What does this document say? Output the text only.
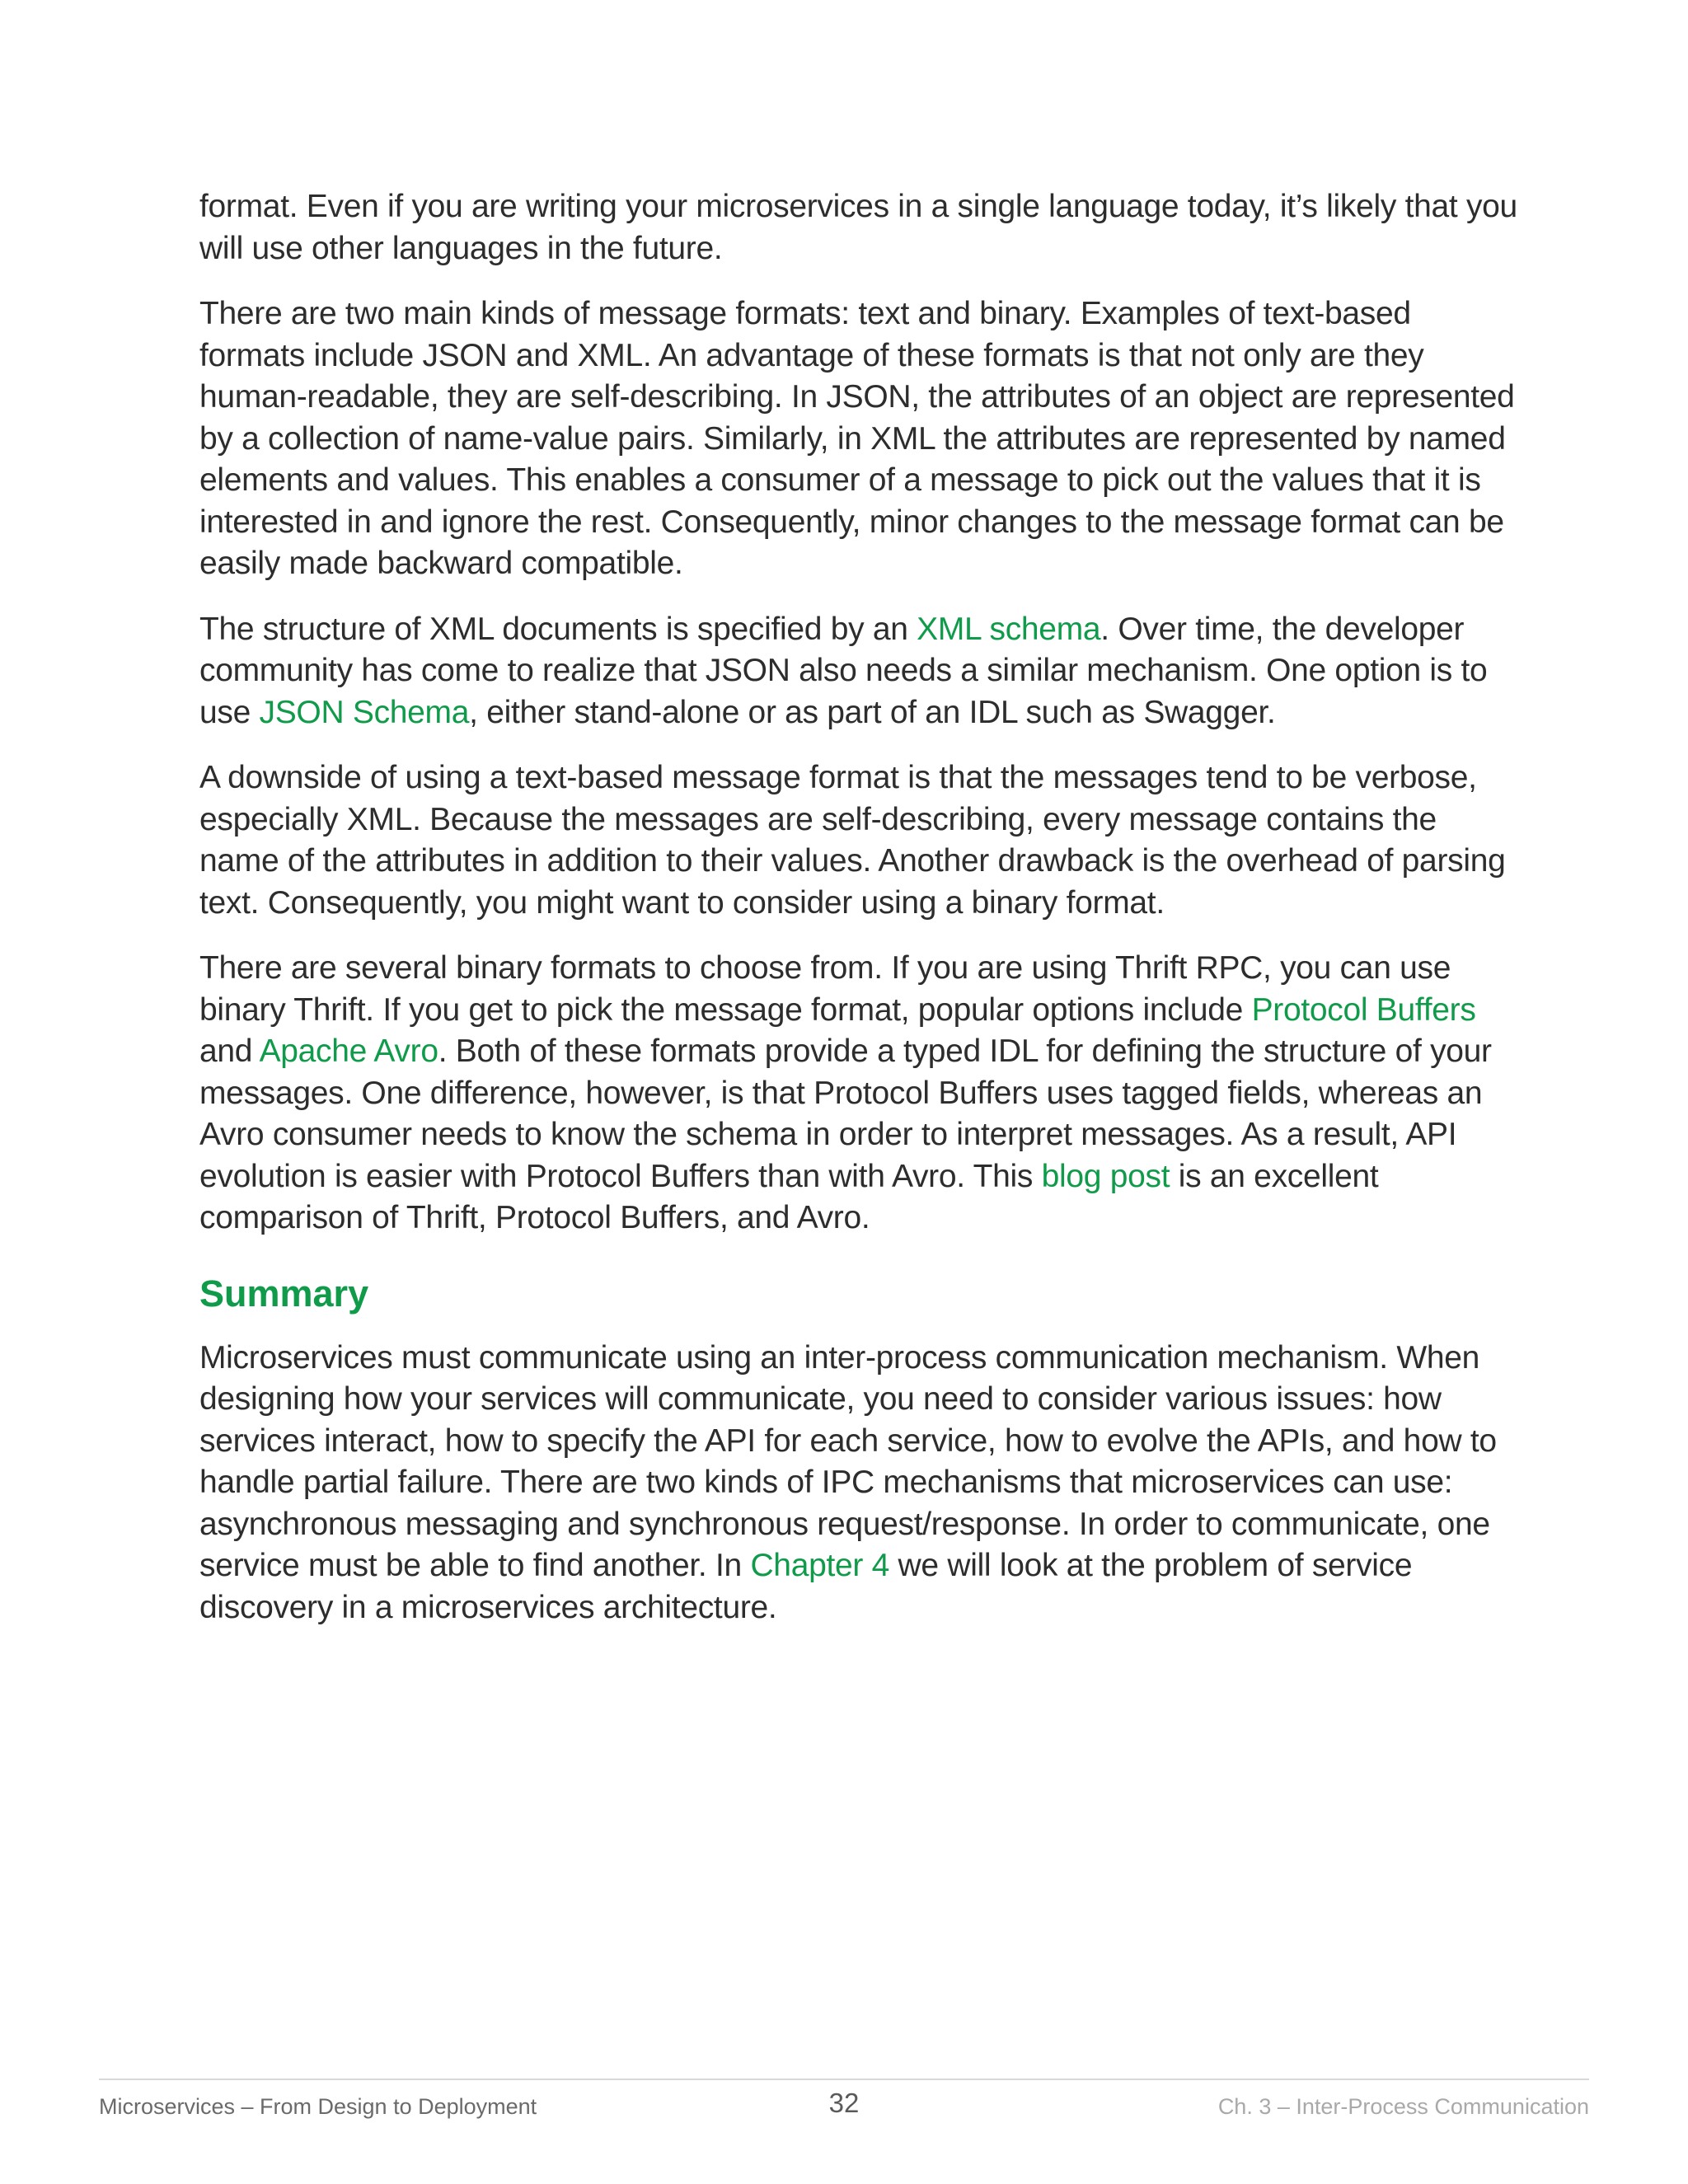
format. Even if you are writing your microservices in a single language today, it’s likely that you will use other languages in the future.

There are two main kinds of message formats: text and binary. Examples of text-based formats include JSON and XML. An advantage of these formats is that not only are they human-readable, they are self-describing. In JSON, the attributes of an object are represented by a collection of name-value pairs. Similarly, in XML the attributes are represented by named elements and values. This enables a consumer of a message to pick out the values that it is interested in and ignore the rest. Consequently, minor changes to the message format can be easily made backward compatible.

The structure of XML documents is specified by an XML schema. Over time, the developer community has come to realize that JSON also needs a similar mechanism. One option is to use JSON Schema, either stand-alone or as part of an IDL such as Swagger.

A downside of using a text-based message format is that the messages tend to be verbose, especially XML. Because the messages are self-describing, every message contains the name of the attributes in addition to their values. Another drawback is the overhead of parsing text. Consequently, you might want to consider using a binary format.

There are several binary formats to choose from. If you are using Thrift RPC, you can use binary Thrift. If you get to pick the message format, popular options include Protocol Buffers and Apache Avro. Both of these formats provide a typed IDL for defining the structure of your messages. One difference, however, is that Protocol Buffers uses tagged fields, whereas an Avro consumer needs to know the schema in order to interpret messages. As a result, API evolution is easier with Protocol Buffers than with Avro. This blog post is an excellent comparison of Thrift, Protocol Buffers, and Avro.

Summary

Microservices must communicate using an inter-process communication mechanism. When designing how your services will communicate, you need to consider various issues: how services interact, how to specify the API for each service, how to evolve the APIs, and how to handle partial failure. There are two kinds of IPC mechanisms that microservices can use: asynchronous messaging and synchronous request/response. In order to communicate, one service must be able to find another. In Chapter 4 we will look at the problem of service discovery in a microservices architecture.

Microservices – From Design to Deployment	32	Ch. 3 – Inter-Process Communication
